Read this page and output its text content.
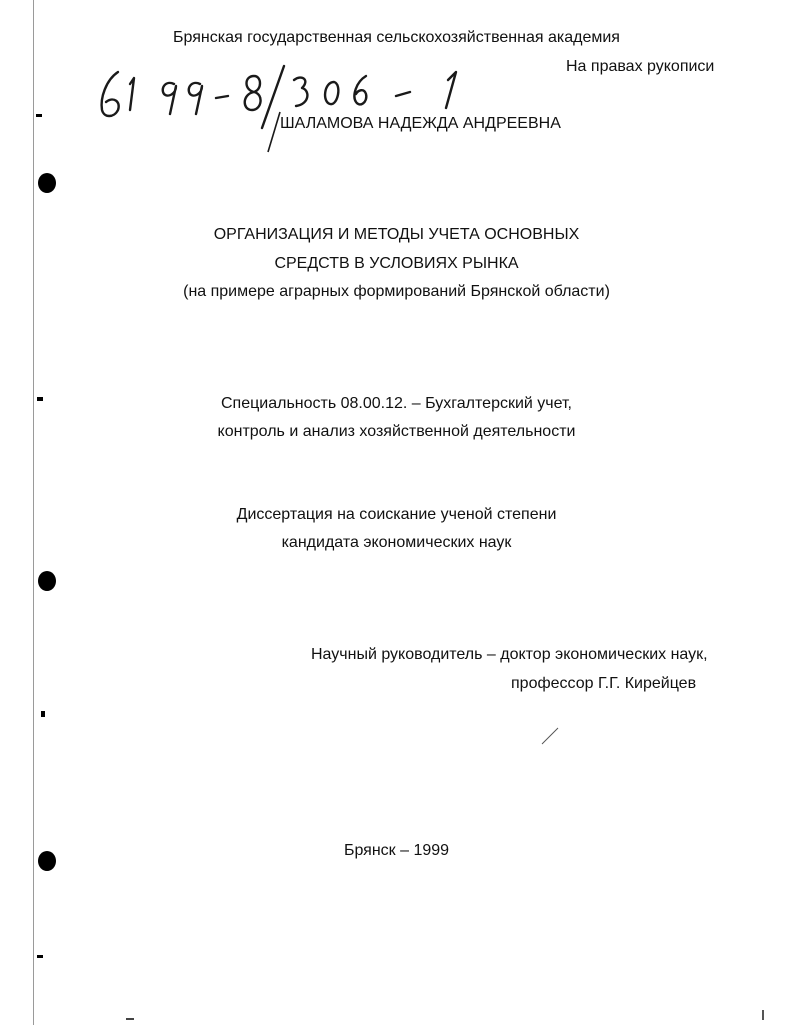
Брянская государственная сельскохозяйственная академия
На правах рукописи
ШАЛАМОВА НАДЕЖДА АНДРЕЕВНА
ОРГАНИЗАЦИЯ И МЕТОДЫ УЧЕТА ОСНОВНЫХ
СРЕДСТВ В УСЛОВИЯХ РЫНКА
(на примере аграрных формирований Брянской области)
Специальность 08.00.12. – Бухгалтерский учет,
контроль и анализ хозяйственной деятельности
Диссертация на соискание ученой степени
кандидата экономических наук
Научный руководитель – доктор экономических наук,
профессор Г.Г. Кирейцев
Брянск – 1999
